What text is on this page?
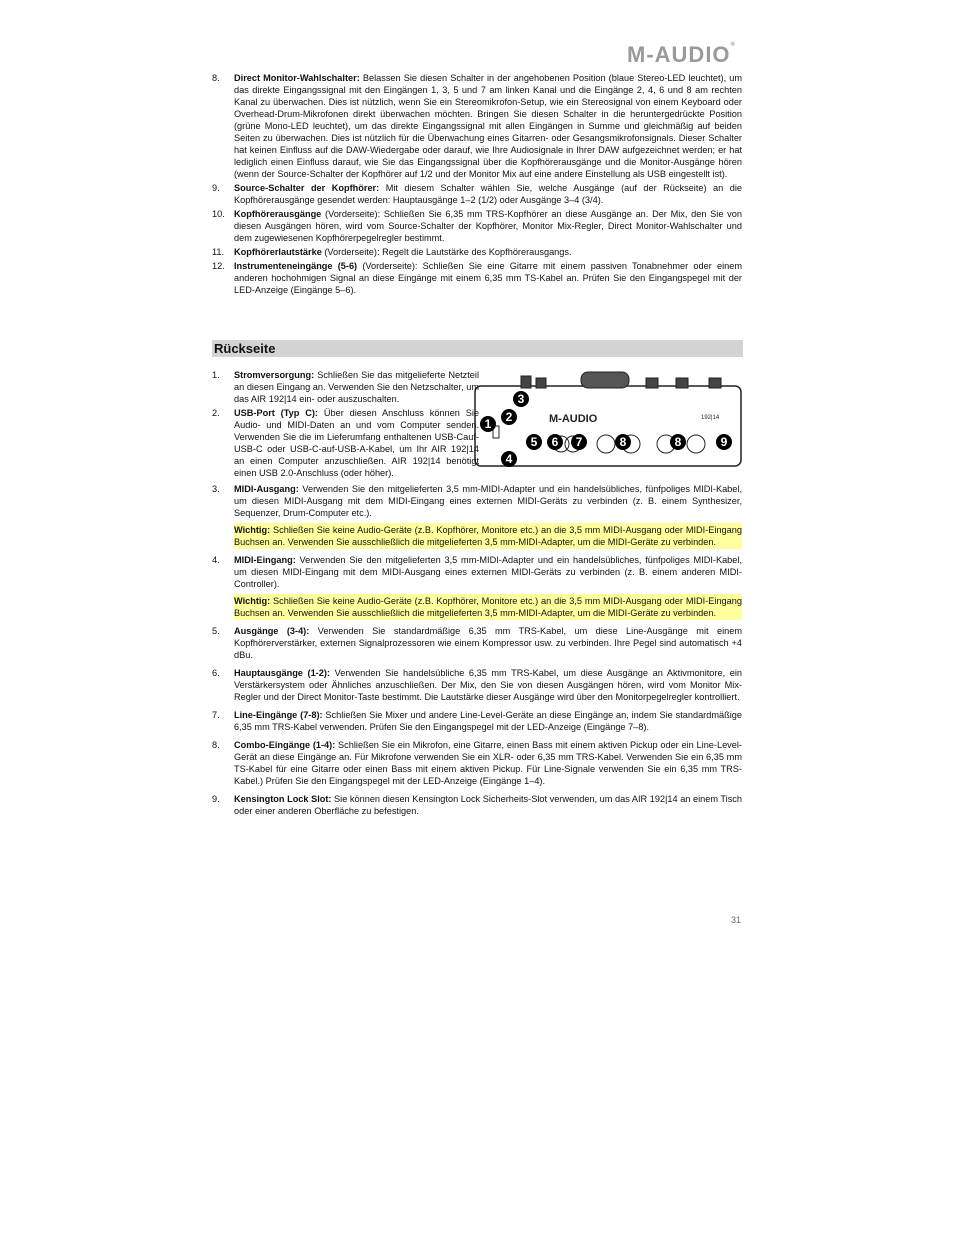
M-AUDIO®
8. Direct Monitor-Wahlschalter: Belassen Sie diesen Schalter in der angehobenen Position (blaue Stereo-LED leuchtet), um das direkte Eingangssignal mit den Eingängen 1, 3, 5 und 7 am linken Kanal und die Eingänge 2, 4, 6 und 8 am rechten Kanal zu überwachen. Dies ist nützlich, wenn Sie ein Stereomikrofon-Setup, wie ein Stereosignal von einem Keyboard oder Overhead-Drum-Mikrofonen direkt überwachen möchten. Bringen Sie diesen Schalter in die heruntergedrückte Position (grüne Mono-LED leuchtet), um das direkte Eingangssignal mit allen Eingängen in Summe und gleichmäßig auf beiden Seiten zu überwachen. Dies ist nützlich für die Überwachung eines Gitarren- oder Gesangsmikrofonsignals. Dieser Schalter hat keinen Einfluss auf die DAW-Wiedergabe oder darauf, wie Ihre Audiosignale in Ihrer DAW aufgezeichnet werden; er hat lediglich einen Einfluss darauf, wie Sie das Eingangssignal über die Kopfhörerausgänge und die Monitor-Ausgänge hören (wenn der Source-Schalter der Kopfhörer auf 1/2 und der Monitor Mix auf eine andere Einstellung als USB eingestellt ist).
9. Source-Schalter der Kopfhörer: Mit diesem Schalter wählen Sie, welche Ausgänge (auf der Rückseite) an die Kopfhörerausgänge gesendet werden: Hauptausgänge 1–2 (1/2) oder Ausgänge 3–4 (3/4).
10. Kopfhörerausgänge (Vorderseite): Schließen Sie 6,35 mm TRS-Kopfhörer an diese Ausgänge an. Der Mix, den Sie von diesen Ausgängen hören, wird vom Source-Schalter der Kopfhörer, Monitor Mix-Regler, Direct Monitor-Wahlschalter und dem zugewiesenen Kopfhörerpegelregler bestimmt.
11. Kopfhörerlautstärke (Vorderseite): Regelt die Lautstärke des Kopfhörerausgangs.
12. Instrumenteneingänge (5-6) (Vorderseite): Schließen Sie eine Gitarre mit einem passiven Tonabnehmer oder einem anderen hochohmigen Signal an diese Eingänge mit einem 6,35 mm TS-Kabel an. Prüfen Sie den Eingangspegel mit der LED-Anzeige (Eingänge 5–6).
Rückseite
M-AUDIO	192|14
1 2
3
4
5 6 7	8	8	9
1. Stromversorgung: Schließen Sie das mitgelieferte Netzteil an diesen Eingang an. Verwenden Sie den Netzschalter, um das AIR 192|14 ein- oder auszuschalten.
2. USB-Port (Typ C): Über diesen Anschluss können Sie Audio- und MIDI-Daten an und vom Computer senden. Verwenden Sie die im Lieferumfang enthaltenen USB-Cauf-USB-C oder USB-C-auf-USB-A-Kabel, um Ihr AIR 192|14 an einen Computer anzuschließen. AIR 192|14 benötigt einen USB 2.0-Anschluss (oder höher).
3. MIDI-Ausgang: Verwenden Sie den mitgelieferten 3,5 mm-MIDI-Adapter und ein handelsübliches, fünfpoliges MIDI-Kabel, um diesen MIDI-Ausgang mit dem MIDI-Eingang eines externen MIDI-Geräts zu verbinden (z. B. einem Synthesizer, Sequenzer, Drum-Computer etc.).
Wichtig: Schließen Sie keine Audio-Geräte (z.B. Kopfhörer, Monitore etc.) an die 3,5 mm MIDI-Ausgang oder MIDI-Eingang Buchsen an. Verwenden Sie ausschließlich die mitgelieferten 3,5 mm-MIDI-Adapter, um die MIDI-Geräte zu verbinden.
4. MIDI-Eingang: Verwenden Sie den mitgelieferten 3,5 mm-MIDI-Adapter und ein handelsübliches, fünfpoliges MIDI-Kabel, um diesen MIDI-Eingang mit dem MIDI-Ausgang eines externen MIDI-Geräts zu verbinden (z. B. einem anderen MIDI-Controller).
Wichtig: Schließen Sie keine Audio-Geräte (z.B. Kopfhörer, Monitore etc.) an die 3,5 mm MIDI-Ausgang oder MIDI-Eingang Buchsen an. Verwenden Sie ausschließlich die mitgelieferten 3,5 mm-MIDI-Adapter, um die MIDI-Geräte zu verbinden.
5. Ausgänge (3-4): Verwenden Sie standardmäßige 6,35 mm TRS-Kabel, um diese Line-Ausgänge mit einem Kopfhörerverstärker, externen Signalprozessoren wie einem Kompressor usw. zu verbinden. Ihre Pegel sind automatisch +4 dBu.
6. Hauptausgänge (1-2): Verwenden Sie handelsübliche 6,35 mm TRS-Kabel, um diese Ausgänge an Aktivmonitore, ein Verstärkersystem oder Ähnliches anzuschließen. Der Mix, den Sie von diesen Ausgängen hören, wird vom Monitor Mix-Regler und der Direct Monitor-Taste bestimmt. Die Lautstärke dieser Ausgänge wird über den Monitorpegelregler kontrolliert.
7. Line-Eingänge (7-8): Schließen Sie Mixer und andere Line-Level-Geräte an diese Eingänge an, indem Sie standardmäßige 6,35 mm TRS-Kabel verwenden. Prüfen Sie den Eingangspegel mit der LED-Anzeige (Eingänge 7–8).
8. Combo-Eingänge (1-4): Schließen Sie ein Mikrofon, eine Gitarre, einen Bass mit einem aktiven Pickup oder ein Line-Level-Gerät an diese Eingänge an. Für Mikrofone verwenden Sie ein XLR- oder 6,35 mm TRS-Kabel. Verwenden Sie ein 6,35 mm TS-Kabel für eine Gitarre oder einen Bass mit einem aktiven Pickup. Für Line-Signale verwenden Sie ein 6,35 mm TRS-Kabel.) Prüfen Sie den Eingangspegel mit der LED-Anzeige (Eingänge 1–4).
9. Kensington Lock Slot: Sie können diesen Kensington Lock Sicherheits-Slot verwenden, um das AIR 192|14 an einem Tisch oder einer anderen Oberfläche zu befestigen.
31
